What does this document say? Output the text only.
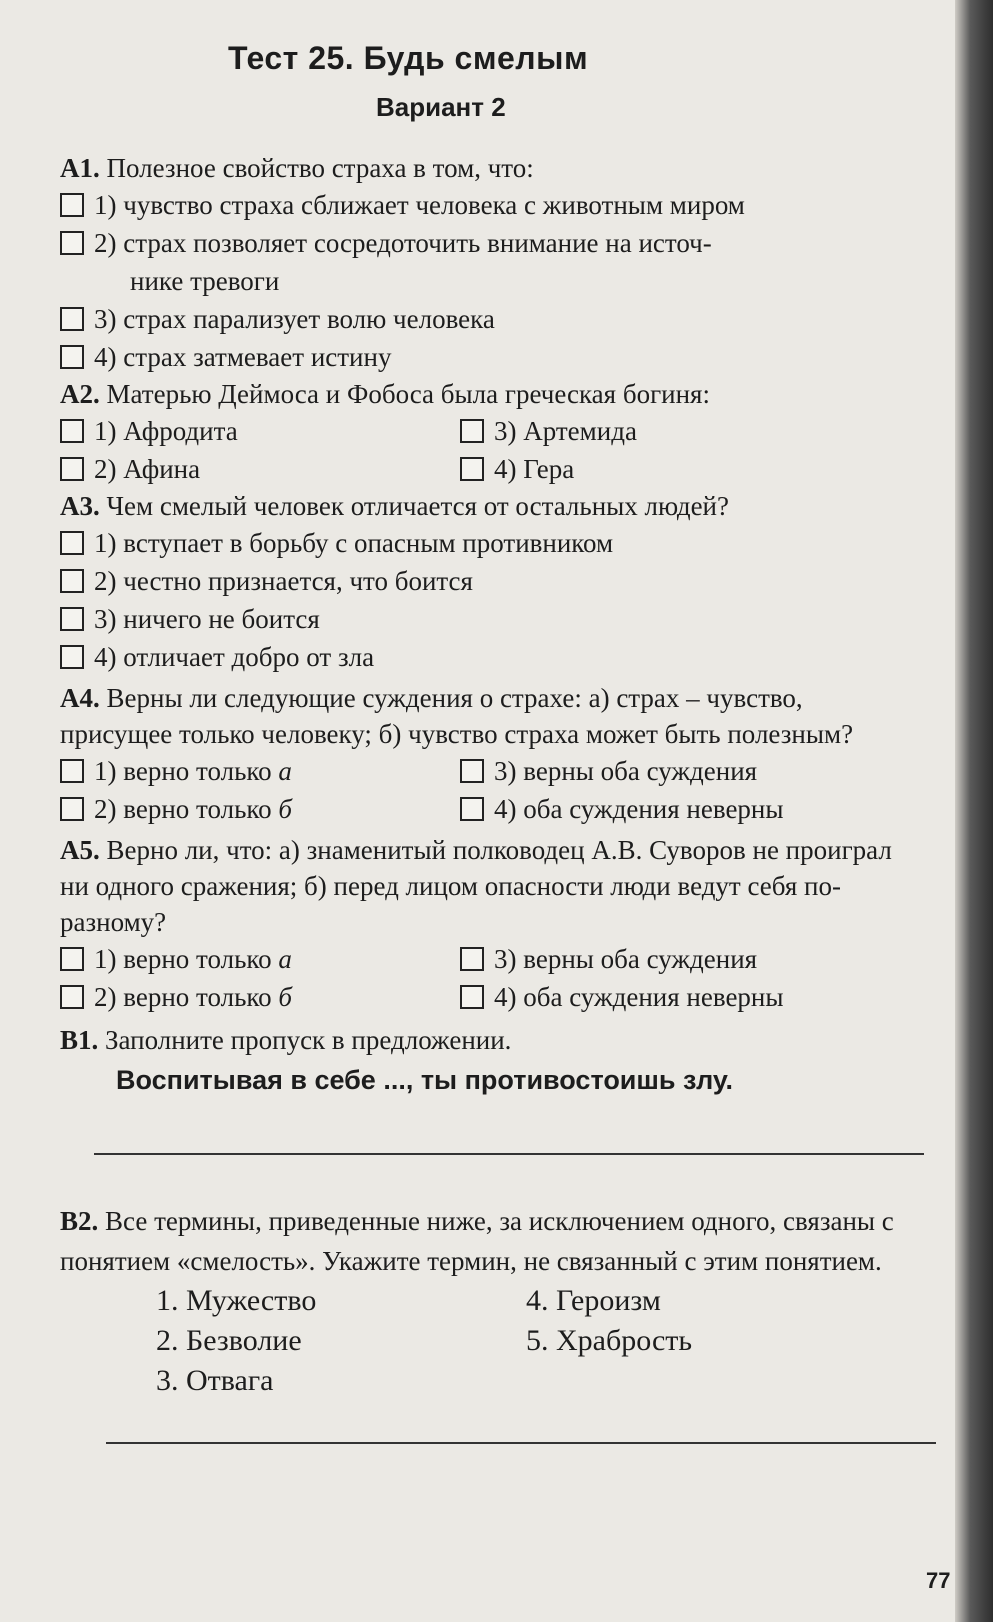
Тест 25. Будь смелым
Вариант 2
А1. Полезное свойство страха в том, что:
1) чувство страха сближает человека с животным миром
2) страх позволяет сосредоточить внимание на источ-
нике тревоги
3) страх парализует волю человека
4) страх затмевает истину
А2. Матерью Деймоса и Фобоса была греческая богиня:
1) Афродита	3) Артемида
2) Афина	4) Гера
А3. Чем смелый человек отличается от остальных людей?
1) вступает в борьбу с опасным противником
2) честно признается, что боится
3) ничего не боится
4) отличает добро от зла
А4. Верны ли следующие суждения о страхе: а) страх – чувство, присущее только человеку; б) чувство страха может быть полезным?
1) верно только а	3) верны оба суждения
2) верно только б	4) оба суждения неверны
А5. Верно ли, что: а) знаменитый полководец А.В. Суворов не проиграл ни одного сражения; б) перед лицом опасности люди ведут себя по-разному?
1) верно только а	3) верны оба суждения
2) верно только б	4) оба суждения неверны
В1. Заполните пропуск в предложении.
Воспитывая в себе ..., ты противостоишь злу.
В2. Все термины, приведенные ниже, за исключением одного, связаны с понятием «смелость». Укажите термин, не связанный с этим понятием.
1. Мужество	4. Героизм
2. Безволие	5. Храбрость
3. Отвага
77
